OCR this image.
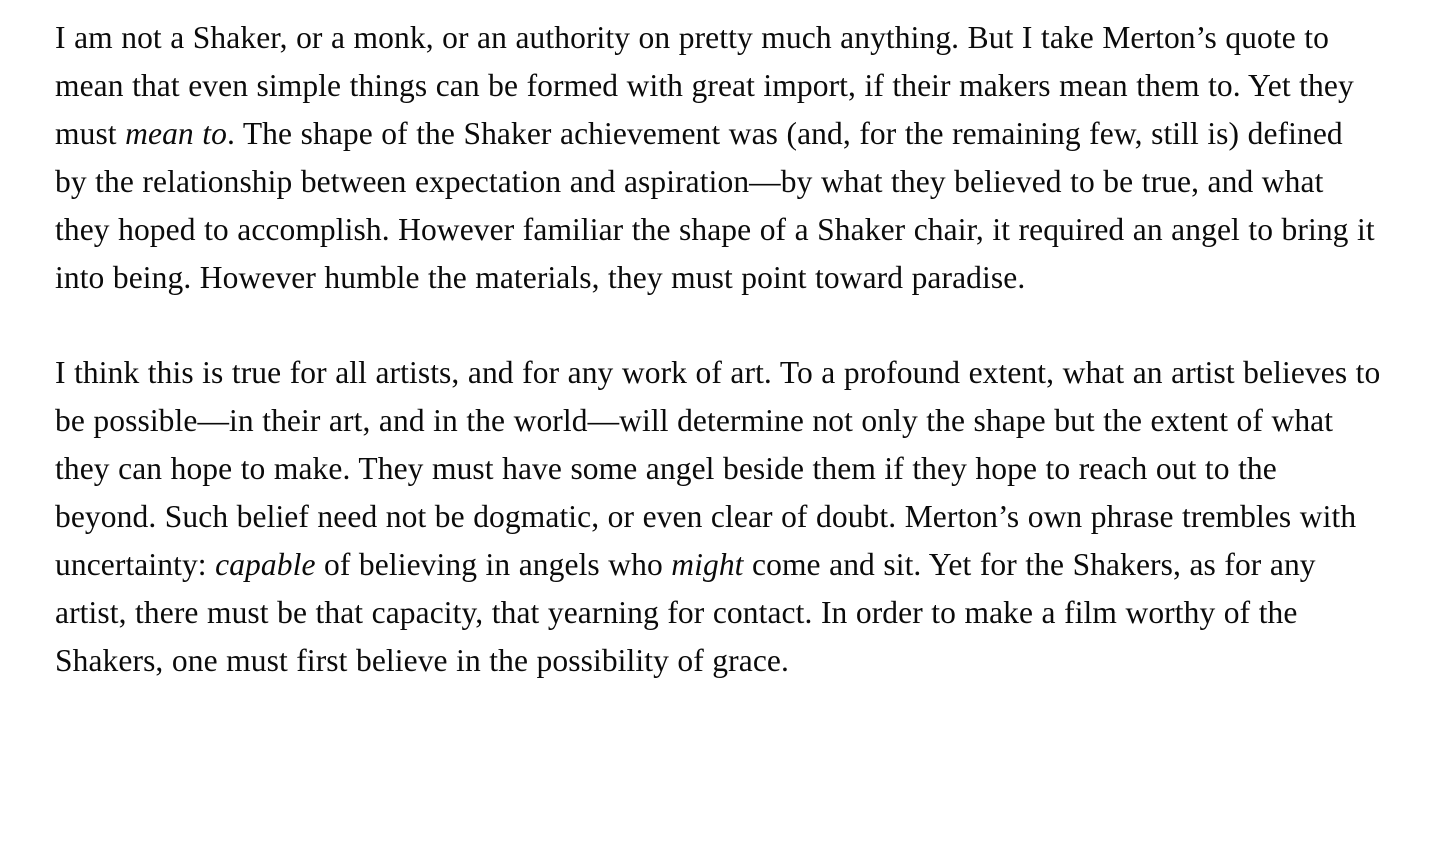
I am not a Shaker, or a monk, or an authority on pretty much anything. But I take Merton’s quote to mean that even simple things can be formed with great import, if their makers mean them to. Yet they must mean to. The shape of the Shaker achievement was (and, for the remaining few, still is) defined by the relationship between expectation and aspiration—by what they believed to be true, and what they hoped to accomplish. However familiar the shape of a Shaker chair, it required an angel to bring it into being. However humble the materials, they must point toward paradise.

I think this is true for all artists, and for any work of art. To a profound extent, what an artist believes to be possible—in their art, and in the world—will determine not only the shape but the extent of what they can hope to make. They must have some angel beside them if they hope to reach out to the beyond. Such belief need not be dogmatic, or even clear of doubt. Merton’s own phrase trembles with uncertainty: capable of believing in angels who might come and sit. Yet for the Shakers, as for any artist, there must be that capacity, that yearning for contact. In order to make a film worthy of the Shakers, one must first believe in the possibility of grace.
